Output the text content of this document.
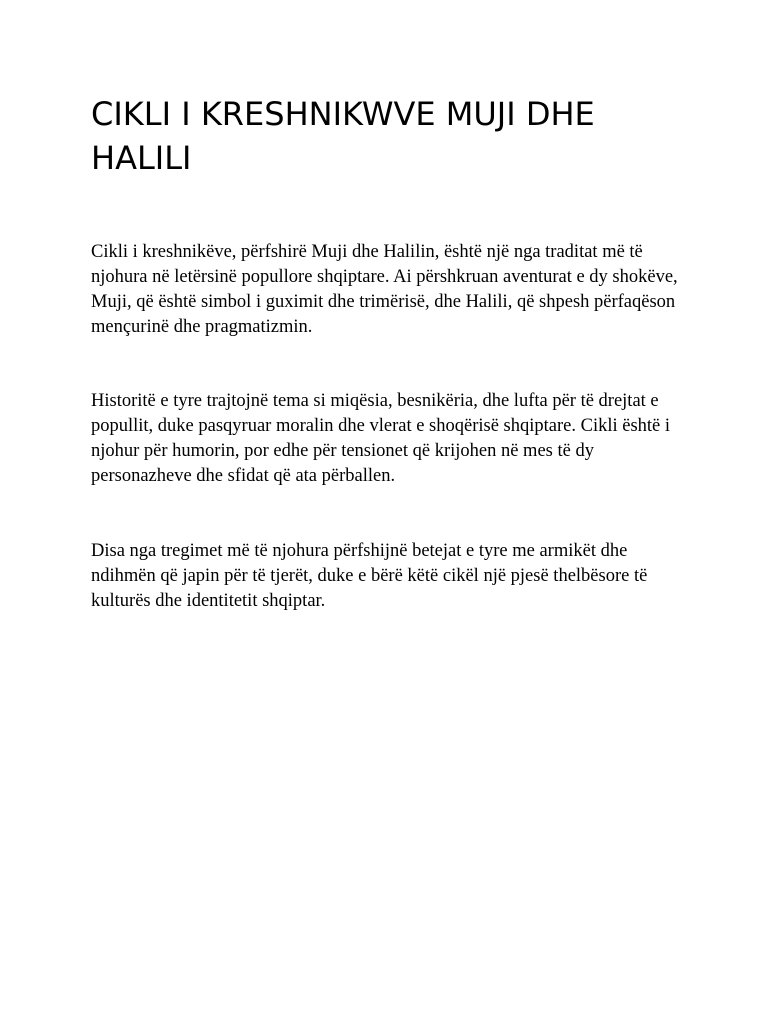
CIKLI I KRESHNIKWVE MUJI DHE HALILI

Cikli i kreshnikëve, përfshirë Muji dhe Halilin, është një nga traditat më të njohura në letërsinë popullore shqiptare. Ai përshkruan aventurat e dy shokëve, Muji, që është simbol i guximit dhe trimërisë, dhe Halili, që shpesh përfaqëson mençurinë dhe pragmatizmin.

Historitë e tyre trajtojnë tema si miqësia, besnikëria, dhe lufta për të drejtat e popullit, duke pasqyruar moralin dhe vlerat e shoqërisë shqiptare. Cikli është i njohur për humorin, por edhe për tensionet që krijohen në mes të dy personazheve dhe sfidat që ata përballen.

Disa nga tregimet më të njohura përfshijnë betejat e tyre me armikët dhe ndihmën që japin për të tjerët, duke e bërë këtë cikël një pjesë thelbësore të kulturës dhe identitetit shqiptar.
